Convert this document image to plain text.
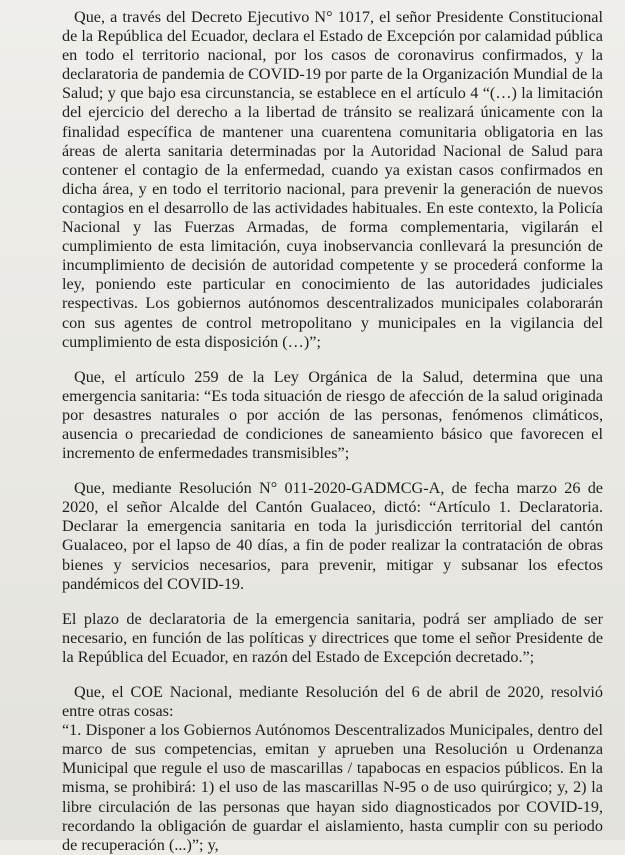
Que, a través del Decreto Ejecutivo N° 1017, el señor Presidente Constitucional de la República del Ecuador, declara el Estado de Excepción por calamidad pública en todo el territorio nacional, por los casos de coronavirus confirmados, y la declaratoria de pandemia de COVID-19 por parte de la Organización Mundial de la Salud; y que bajo esa circunstancia, se establece en el artículo 4 “(…) la limitación del ejercicio del derecho a la libertad de tránsito se realizará únicamente con la finalidad específica de mantener una cuarentena comunitaria obligatoria en las áreas de alerta sanitaria determinadas por la Autoridad Nacional de Salud para contener el contagio de la enfermedad, cuando ya existan casos confirmados en dicha área, y en todo el territorio nacional, para prevenir la generación de nuevos contagios en el desarrollo de las actividades habituales. En este contexto, la Policía Nacional y las Fuerzas Armadas, de forma complementaria, vigilarán el cumplimiento de esta limitación, cuya inobservancia conllevará la presunción de incumplimiento de decisión de autoridad competente y se procederá conforme la ley, poniendo este particular en conocimiento de las autoridades judiciales respectivas. Los gobiernos autónomos descentralizados municipales colaborarán con sus agentes de control metropolitano y municipales en la vigilancia del cumplimiento de esta disposición (…)”;

Que, el artículo 259 de la Ley Orgánica de la Salud, determina que una emergencia sanitaria: “Es toda situación de riesgo de afección de la salud originada por desastres naturales o por acción de las personas, fenómenos climáticos, ausencia o precariedad de condiciones de saneamiento básico que favorecen el incremento de enfermedades transmisibles”;

Que, mediante Resolución N° 011-2020-GADMCG-A, de fecha marzo 26 de 2020, el señor Alcalde del Cantón Gualaceo, dictó: “Artículo 1. Declaratoria. Declarar la emergencia sanitaria en toda la jurisdicción territorial del cantón Gualaceo, por el lapso de 40 días, a fin de poder realizar la contratación de obras bienes y servicios necesarios, para prevenir, mitigar y subsanar los efectos pandémicos del COVID-19.

El plazo de declaratoria de la emergencia sanitaria, podrá ser ampliado de ser necesario, en función de las políticas y directrices que tome el señor Presidente de la República del Ecuador, en razón del Estado de Excepción decretado.”;

Que, el COE Nacional, mediante Resolución del 6 de abril de 2020, resolvió entre otras cosas:

“1. Disponer a los Gobiernos Autónomos Descentralizados Municipales, dentro del marco de sus competencias, emitan y aprueben una Resolución u Ordenanza Municipal que regule el uso de mascarillas / tapabocas en espacios públicos. En la misma, se prohibirá: 1) el uso de las mascarillas N-95 o de uso quirúrgico; y, 2) la libre circulación de las personas que hayan sido diagnosticados por COVID-19, recordando la obligación de guardar el aislamiento, hasta cumplir con su periodo de recuperación (...)”; y,
